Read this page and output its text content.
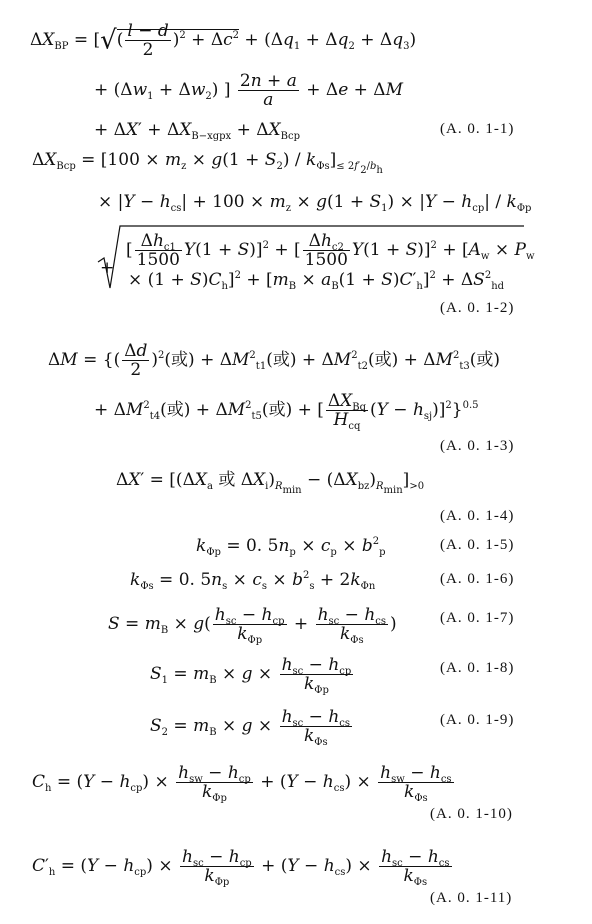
$\Delta X_{BP}$ = [√( $\frac{l - d}{2} )^2 + \Delta c^2 + (\Delta q_1 + \Delta q_2 + \Delta q_3)$
+ $(\Delta w_1 + \Delta w_2)$ ] $\frac{2n + a}{a} + \Delta e + \Delta M$
+ $\Delta X' + \Delta X_{B-xgpx} + \Delta X_{Bcp}$	(A. 0. 1-1)
$\Delta X_{Bcp} = [100 \times m_z \times g(1 + S_2) / k_{\Phi s}]_{\le 2f'_2/b_h}$
× $|Y - h_{cs}| + 100 \times m_z \times g(1 + S_1) \times |Y - h_{cp}| / k_{\Phi p}$
[ $\frac{\Delta h_{c1}}{1500} Y(1 + S)]^2$ + [ $\frac{\Delta h_{c2}}{1500} Y(1 + S)]^2 + [A_w \times P_w$
+
× $(1 + S)C_h]^2 + [m_B \times a_B(1 + S)C'_h]^2 + \Delta S^2_{hd}$
(A. 0. 1-2)
ΔM = {( $\frac{\Delta d}{2} )^2$(或) + $\Delta M^2_{t1}$(或) + $\Delta M^2_{t2}$(或) + $\Delta M^2_{t3}$(或)
+ $\Delta M^2_{t4}$(或) + $\Delta M^2_{t5}$(或) + [ $\frac{\Delta X_{Bq}}{H_{cq}} (Y - h_{sj})]^2\}^{0.5}$
(A. 0. 1-3)
$\Delta X' = [(\Delta X_a$ 或 $\Delta X_i)_{R_{min}} - (\Delta X_{bz})_{R_{min}}]_{>0}$
(A. 0. 1-4)
$k_{\Phi p} = 0$. $5n_p \times c_p \times b^2_p$	(A. 0. 1-5)
$k_{\Phi s} = 0$. $5n_s \times c_s \times b^2_s + 2k_{\Phi n}$	(A. 0. 1-6)
$S = m_B \times g( \frac{h_{sc} - h_{cp}}{k_{\Phi p}} + \frac{h_{sc} - h_{cs}}{k_{\Phi s}}$ )	(A. 0. 1-7)
$S_1 = m_B \times g \times \frac{h_{sc} - h_{cp}}{k_{\Phi p}}$	(A. 0. 1-8)
$S_2 = m_B \times g \times \frac{h_{sc} - h_{cs}}{k_{\Phi s}}$	(A. 0. 1-9)
$C_h = (Y - h_{cp}) \times \frac{h_{sw} - h_{cp}}{k_{\Phi p}} + (Y - h_{cs}) \times \frac{h_{sw} - h_{cs}}{k_{\Phi s}}$
(A. 0. 1-10)
$C'_h = (Y - h_{cp}) \times \frac{h_{sc} - h_{cp}}{k_{\Phi p}} + (Y - h_{cs}) \times \frac{h_{sc} - h_{cs}}{k_{\Phi s}}$
(A. 0. 1-11)
